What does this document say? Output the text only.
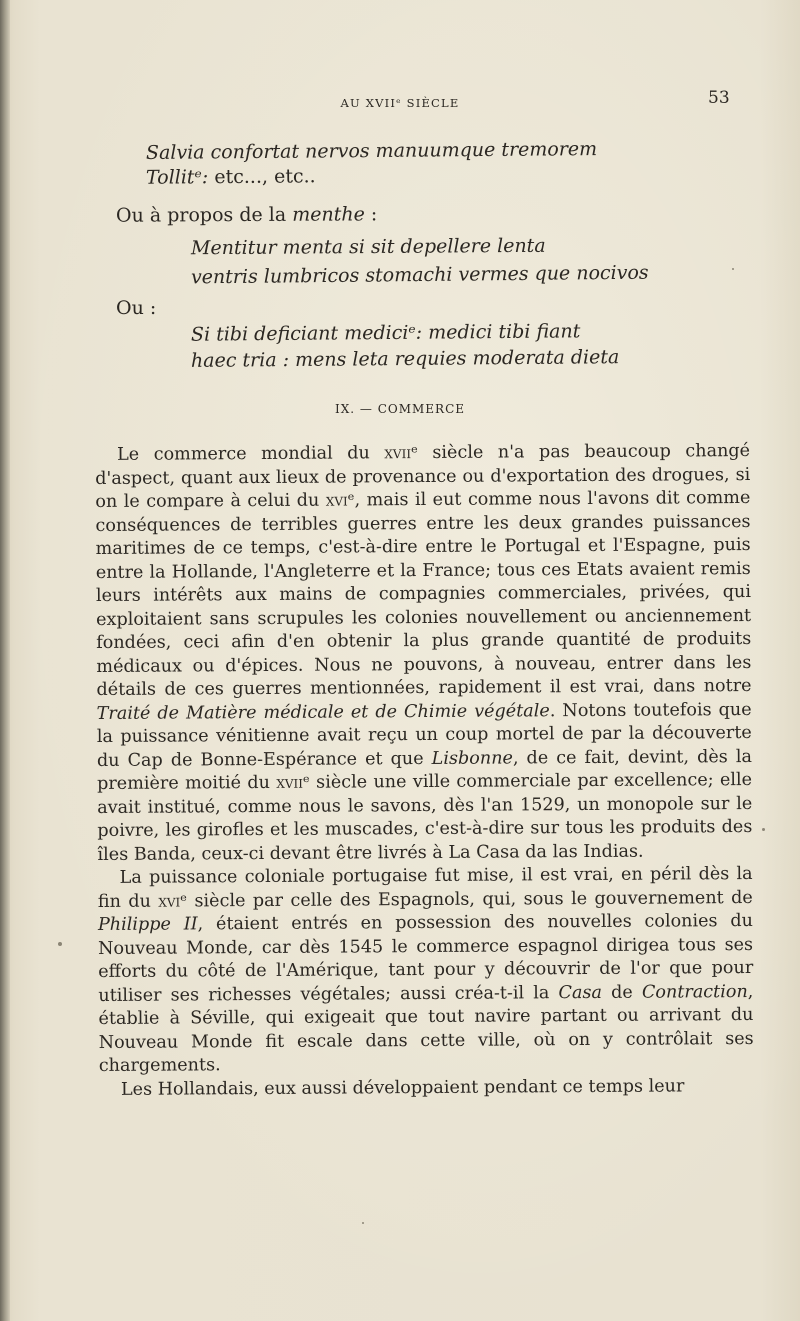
AU XVIIᵉ SIÈCLE	53
Salvia confortat nervos manuumque tremorem
Tollitᵉ: etc..., etc..
Ou à propos de la menthe :
Mentitur menta si sit depellere lenta
ventris lumbricos stomachi vermes que nocivos
Ou :
Si tibi deficiant mediciᵉ: medici tibi fiant
haec tria : mens leta requies moderata dieta
IX. — COMMERCE

Le commerce mondial du xviiᵉ siècle n'a pas beaucoup changé d'aspect, quant aux lieux de provenance ou d'exportation des drogues, si on le compare à celui du xviᵉ, mais il eut comme nous l'avons dit comme conséquences de terribles guerres entre les deux grandes puissances maritimes de ce temps, c'est-à-dire entre le Portugal et l'Espagne, puis entre la Hollande, l'Angleterre et la France; tous ces Etats avaient remis leurs intérêts aux mains de compagnies commerciales, privées, qui exploitaient sans scrupules les colonies nouvellement ou anciennement fondées, ceci afin d'en obtenir la plus grande quantité de produits médicaux ou d'épices. Nous ne pouvons, à nouveau, entrer dans les détails de ces guerres mentionnées, rapidement il est vrai, dans notre Traité de Matière médicale et de Chimie végétale. Notons toutefois que la puissance vénitienne avait reçu un coup mortel de par la découverte du Cap de Bonne-Espérance et que Lisbonne, de ce fait, devint, dès la première moitié du xviiᵉ siècle une ville commerciale par excellence; elle avait institué, comme nous le savons, dès l'an 1529, un monopole sur le poivre, les girofles et les muscades, c'est-à-dire sur tous les produits des îles Banda, ceux-ci devant être livrés à La Casa da las Indias.

La puissance coloniale portugaise fut mise, il est vrai, en péril dès la fin du xviᵉ siècle par celle des Espagnols, qui, sous le gouvernement de Philippe II, étaient entrés en possession des nouvelles colonies du Nouveau Monde, car dès 1545 le commerce espagnol dirigea tous ses efforts du côté de l'Amérique, tant pour y découvrir de l'or que pour utiliser ses richesses végétales; aussi créa-t-il la Casa de Contraction, établie à Séville, qui exigeait que tout navire partant ou arrivant du Nouveau Monde fit escale dans cette ville, où on y contrôlait ses chargements.

Les Hollandais, eux aussi développaient pendant ce temps leur
